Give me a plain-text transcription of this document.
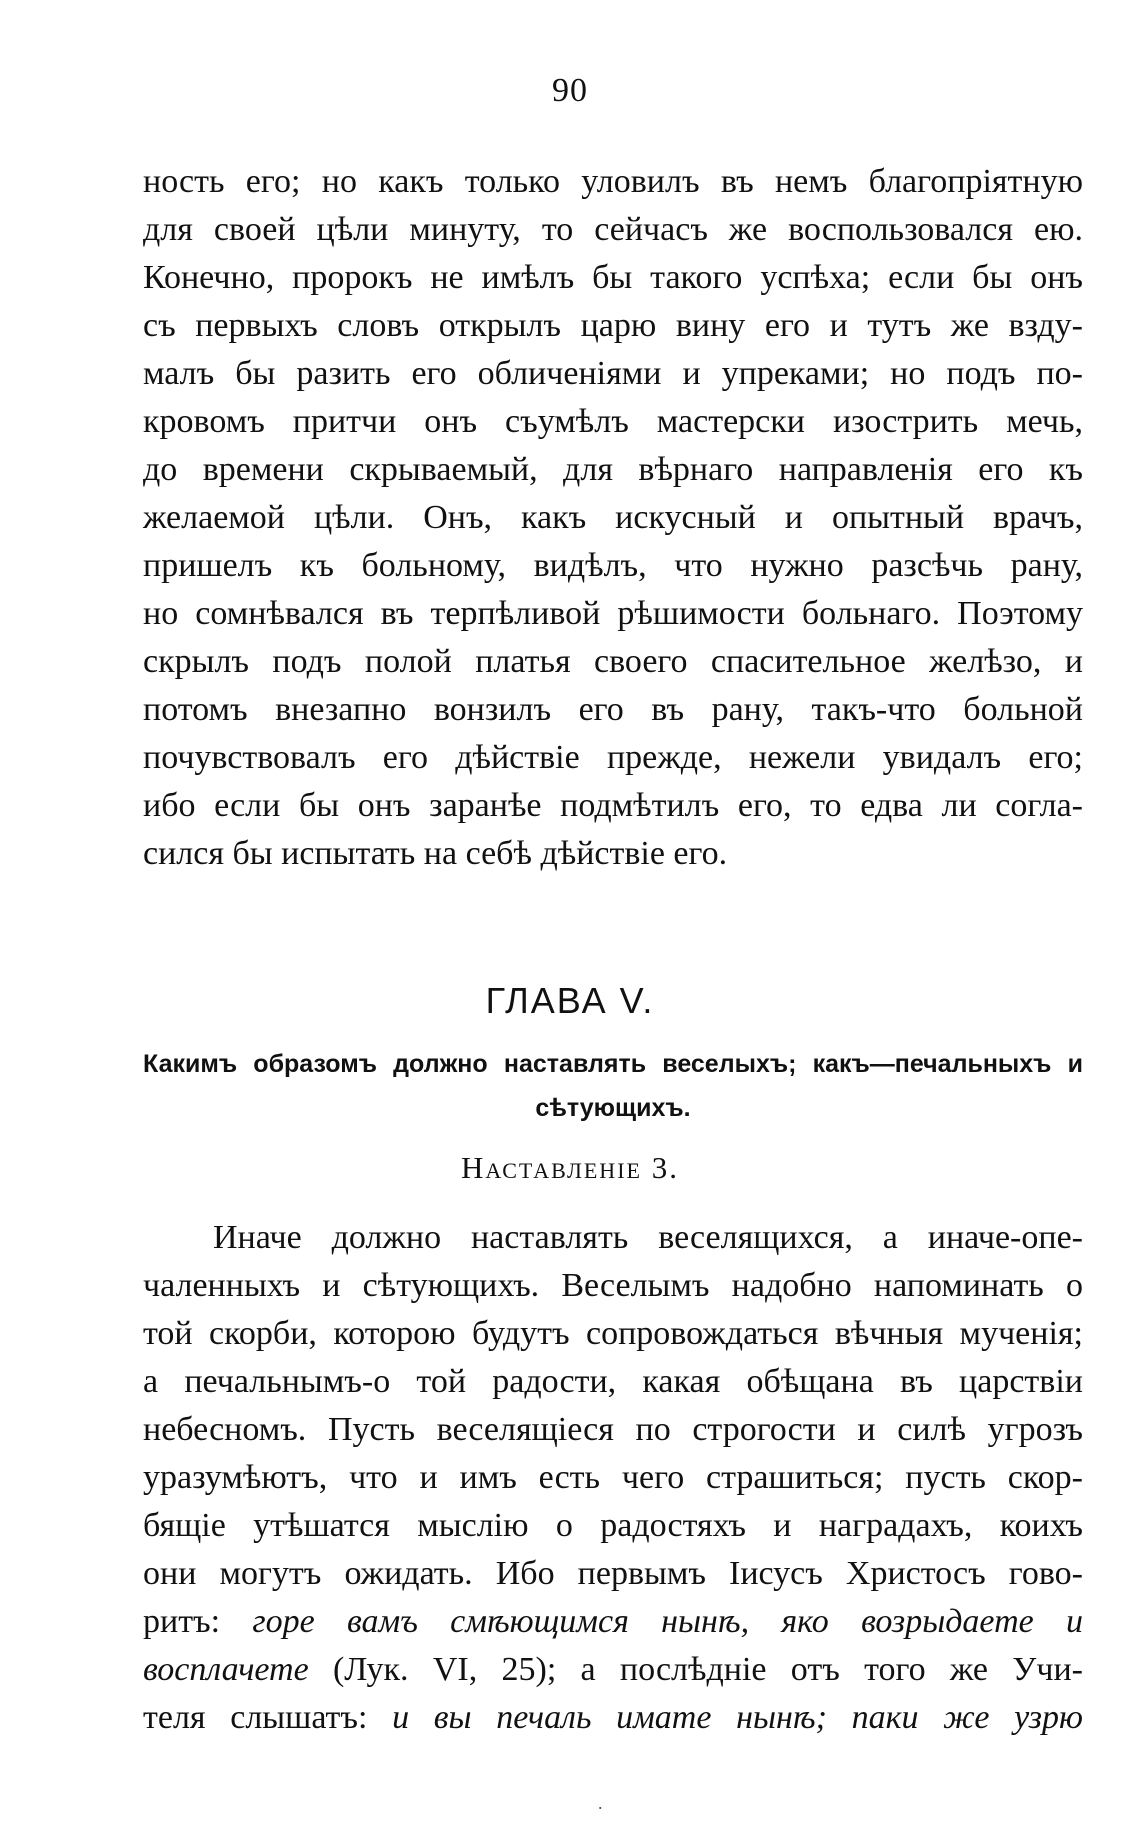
90
ность его; но какъ только уловилъ въ немъ благопріятную
для своей цѣли минуту, то сейчасъ же воспользовался ею.
Конечно, пророкъ не имѣлъ бы такого успѣха; если бы онъ
съ первыхъ словъ открылъ царю вину его и тутъ же взду-
малъ бы разить его обличеніями и упреками; но подъ по-
кровомъ притчи онъ съумѣлъ мастерски изострить мечь,
до времени скрываемый, для вѣрнаго направленія его къ
желаемой цѣли. Онъ, какъ искусный и опытный врачъ,
пришелъ къ больному, видѣлъ, что нужно разсѣчь рану,
но сомнѣвался въ терпѣливой рѣшимости больнаго. Поэтому
скрылъ подъ полой платья своего спасительное желѣзо, и
потомъ внезапно вонзилъ его въ рану, такъ-что больной
почувствовалъ его дѣйствіе прежде, нежели увидалъ его;
ибо если бы онъ заранѣе подмѣтилъ его, то едва ли согла-
сился бы испытать на себѣ дѣйствіе его.
ГЛАВА V.
Какимъ образомъ должно наставлять веселыхъ; какъ—печальныхъ и
сѣтующихъ.
Наставленіе 3.
Иначе должно наставлять веселящихся, а иначе-опе-
чаленныхъ и сѣтующихъ. Веселымъ надобно напоминать о
той скорби, которою будутъ сопровождаться вѣчныя мученія;
а печальнымъ-о той радости, какая обѣщана въ царствіи
небесномъ. Пусть веселящіеся по строгости и силѣ угрозъ
уразумѣютъ, что и имъ есть чего страшиться; пусть скор-
бящіе утѣшатся мыслію о радостяхъ и наградахъ, коихъ
они могутъ ожидать. Ибо первымъ Іисусъ Христосъ гово-
ритъ: горе вамъ смѣющимся нынѣ, яко возрыдаете и
восплачете (Лук. VI, 25); а послѣдніе отъ того же Учи-
теля слышатъ: и вы печаль имате нынѣ; паки же узрю
.
